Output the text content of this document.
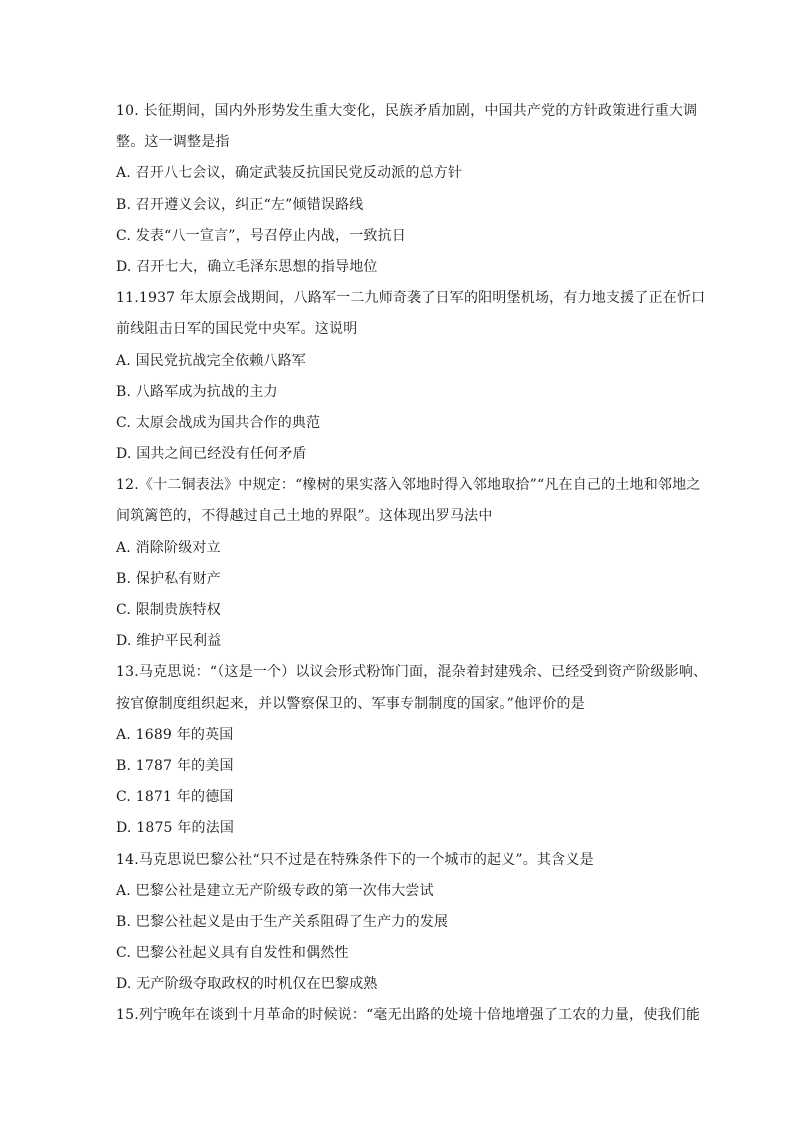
10. 长征期间，国内外形势发生重大变化，民族矛盾加剧，中国共产党的方针政策进行重大调
整。这一调整是指
A. 召开八七会议，确定武装反抗国民党反动派的总方针
B. 召开遵义会议，纠正“左”倾错误路线
C. 发表“八一宣言”，号召停止内战，一致抗日
D. 召开七大，确立毛泽东思想的指导地位
11.1937 年太原会战期间，八路军一二九师奇袭了日军的阳明堡机场，有力地支援了正在忻口
前线阻击日军的国民党中央军。这说明
A. 国民党抗战完全依赖八路军
B. 八路军成为抗战的主力
C. 太原会战成为国共合作的典范
D. 国共之间已经没有任何矛盾
12.《十二铜表法》中规定：“橡树的果实落入邻地时得入邻地取拾”“凡在自己的土地和邻地之
间筑篱笆的，不得越过自己土地的界限”。这体现出罗马法中
A. 消除阶级对立
B. 保护私有财产
C. 限制贵族特权
D. 维护平民利益
13.马克思说：“（这是一个）以议会形式粉饰门面，混杂着封建残余、已经受到资产阶级影响、
按官僚制度组织起来，并以警察保卫的、军事专制制度的国家。”他评价的是
A. 1689 年的英国
B. 1787 年的美国
C. 1871 年的德国
D. 1875 年的法国
14.马克思说巴黎公社“只不过是在特殊条件下的一个城市的起义”。其含义是
A. 巴黎公社是建立无产阶级专政的第一次伟大尝试
B. 巴黎公社起义是由于生产关系阻碍了生产力的发展
C. 巴黎公社起义具有自发性和偶然性
D. 无产阶级夺取政权的时机仅在巴黎成熟
15.列宁晚年在谈到十月革命的时候说：“毫无出路的处境十倍地增强了工农的力量，使我们能
